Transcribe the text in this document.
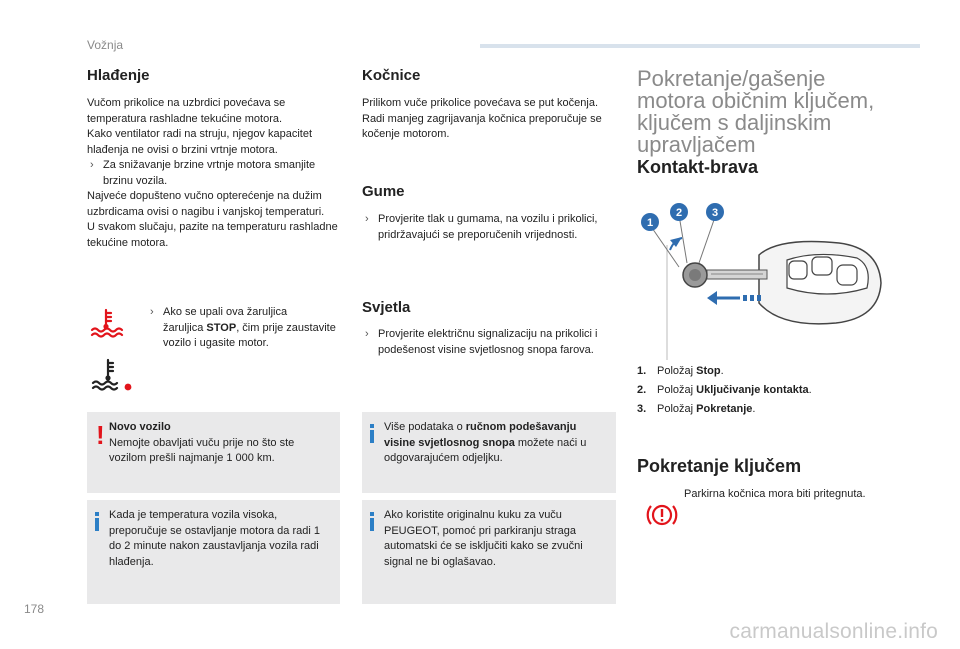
Vožnja
178
carmanualsonline.info
Hlađenje

Vučom prikolice na uzbrdici povećava se temperatura rashladne tekućine motora.

Kako ventilator radi na struju, njegov kapacitet hlađenja ne ovisi o brzini vrtnje motora.

› Za snižavanje brzine vrtnje motora smanjite brzinu vozila.

Najveće dopušteno vučno opterećenje na dužim uzbrdicama ovisi o nagibu i vanjskoj temperaturi.

U svakom slučaju, pazite na temperaturu rashladne tekućine motora.

› Ako se upali ova žaruljica

žaruljica STOP, čim prije zaustavite vozilo i ugasite motor.

! Novo vozilo
Nemojte obavljati vuču prije no što ste vozilom prešli najmanje 1 000 km.
Kada je temperatura vozila visoka, preporučuje se ostavljanje motora da radi 1 do 2 minute nakon zaustavljanja vozila radi hlađenja.
Kočnice

Prilikom vuče prikolice povećava se put kočenja.

Radi manjeg zagrijavanja kočnica preporučuje se kočenje motorom.

Gume

› Provjerite tlak u gumama, na vozilu i prikolici, pridržavajući se preporučenih vrijednosti.

Svjetla

› Provjerite električnu signalizaciju na prikolici i podešenost visine svjetlosnog snopa farova.

Više podataka o ručnom podešavanju visine svjetlosnog snopa možete naći u odgovarajućem odjeljku.
Ako koristite originalnu kuku za vuču PEUGEOT, pomoć pri parkiranju straga automatski će se isključiti kako se zvučni signal ne bi oglašavao.

Pokretanje/gašenje

motora običnim ključem,

ključem s daljinskim

upravljačem

Kontakt-brava
1
2	3
1. Položaj Stop.
2. Položaj Uključivanje kontakta.
3. Položaj Pokretanje.
Pokretanje ključem
Parkirna kočnica mora biti pritegnuta.
